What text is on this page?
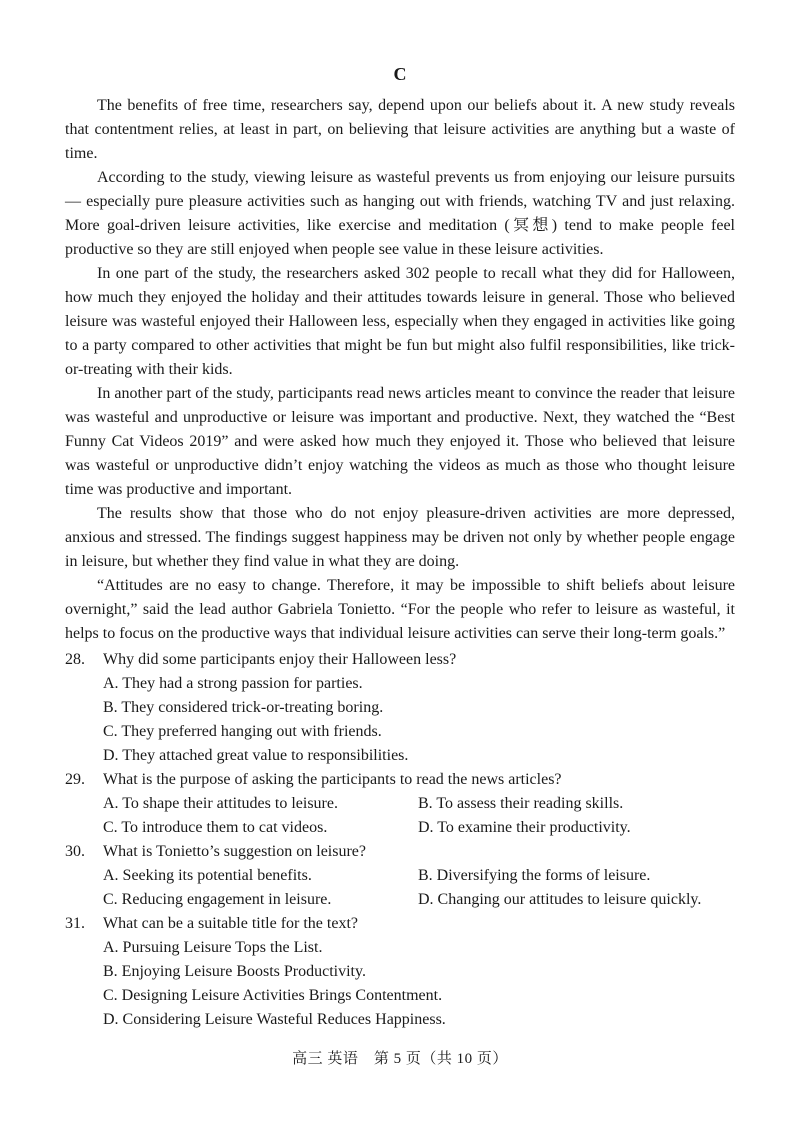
C

The benefits of free time, researchers say, depend upon our beliefs about it. A new study reveals that contentment relies, at least in part, on believing that leisure activities are anything but a waste of time.

According to the study, viewing leisure as wasteful prevents us from enjoying our leisure pursuits — especially pure pleasure activities such as hanging out with friends, watching TV and just relaxing. More goal-driven leisure activities, like exercise and meditation (冥想) tend to make people feel productive so they are still enjoyed when people see value in these leisure activities.

In one part of the study, the researchers asked 302 people to recall what they did for Halloween, how much they enjoyed the holiday and their attitudes towards leisure in general. Those who believed leisure was wasteful enjoyed their Halloween less, especially when they engaged in activities like going to a party compared to other activities that might be fun but might also fulfil responsibilities, like trick-or-treating with their kids.

In another part of the study, participants read news articles meant to convince the reader that leisure was wasteful and unproductive or leisure was important and productive. Next, they watched the “Best Funny Cat Videos 2019” and were asked how much they enjoyed it. Those who believed that leisure was wasteful or unproductive didn’t enjoy watching the videos as much as those who thought leisure time was productive and important.

The results show that those who do not enjoy pleasure-driven activities are more depressed, anxious and stressed. The findings suggest happiness may be driven not only by whether people engage in leisure, but whether they find value in what they are doing.

“Attitudes are no easy to change. Therefore, it may be impossible to shift beliefs about leisure overnight,” said the lead author Gabriela Tonietto. “For the people who refer to leisure as wasteful, it helps to focus on the productive ways that individual leisure activities can serve their long-term goals.”

28.	Why did some participants enjoy their Halloween less?
A. They had a strong passion for parties.
B. They considered trick-or-treating boring.
C. They preferred hanging out with friends.
D. They attached great value to responsibilities.
29.	What is the purpose of asking the participants to read the news articles?
A. To shape their attitudes to leisure.	B. To assess their reading skills.
C. To introduce them to cat videos.	D. To examine their productivity.
30.	What is Tonietto’s suggestion on leisure?
A. Seeking its potential benefits.	B. Diversifying the forms of leisure.
C. Reducing engagement in leisure.	D. Changing our attitudes to leisure quickly.
31.	What can be a suitable title for the text?
A. Pursuing Leisure Tops the List.
B. Enjoying Leisure Boosts Productivity.
C. Designing Leisure Activities Brings Contentment.
D. Considering Leisure Wasteful Reduces Happiness.
高三 英语　第 5 页（共 10 页）
